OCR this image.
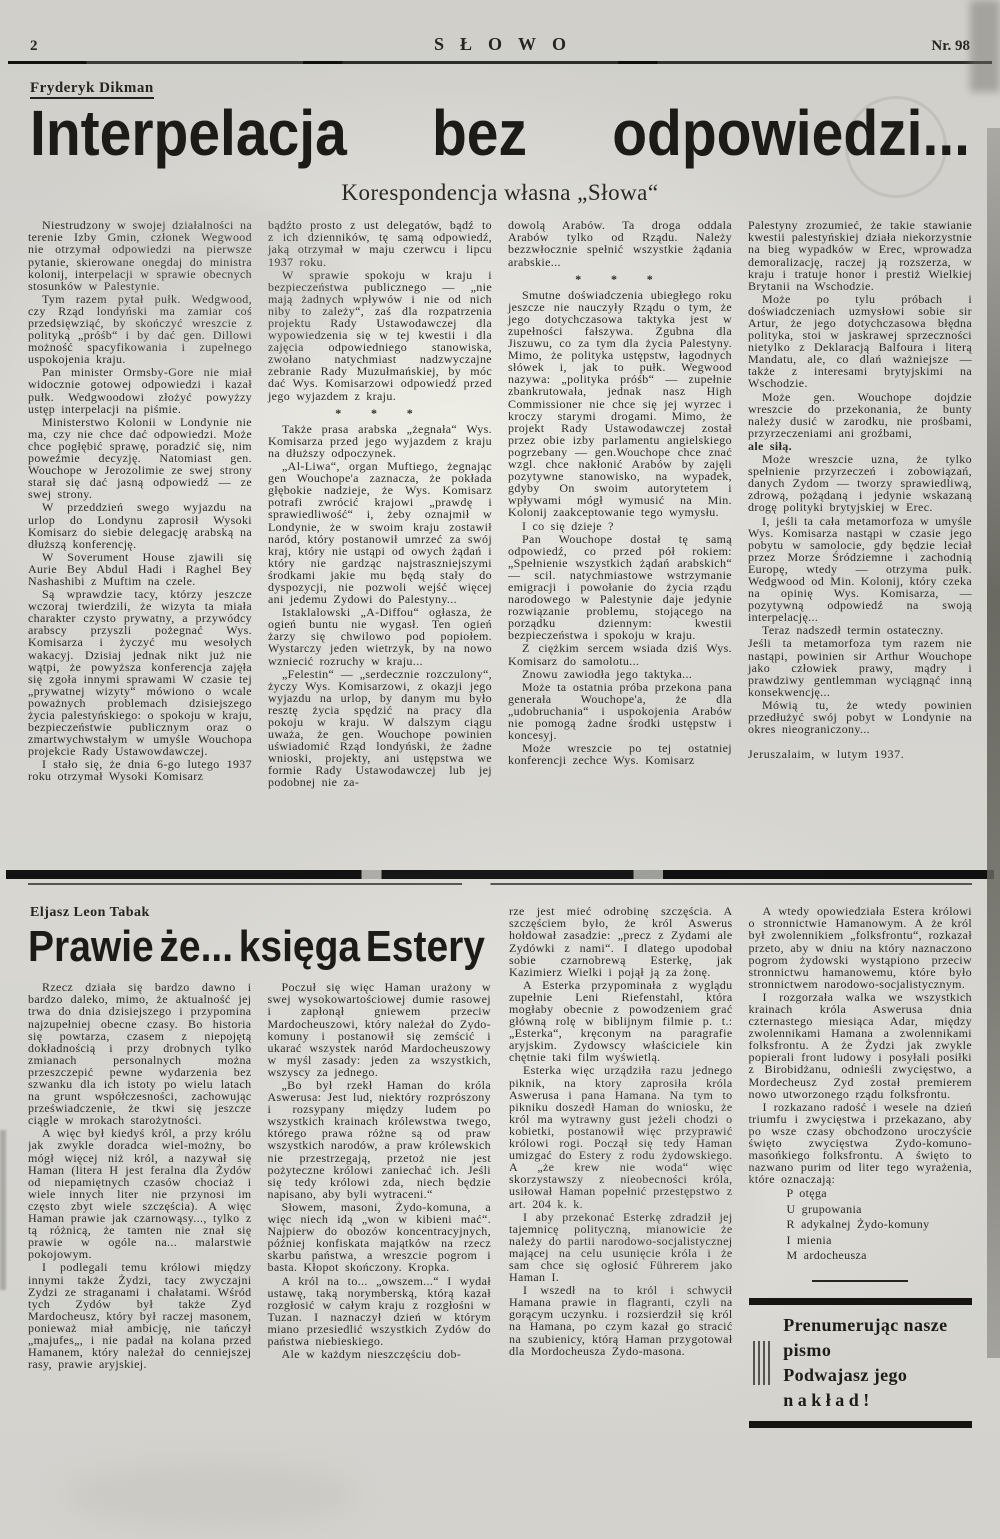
2	SŁOWO	Nr. 98
Fryderyk Dikman
Interpelacja bez odpowiedzi...
Korespondencja własna „Słowa“

Niestrudzony w swojej działalności na terenie Izby Gmin, członek Wegwood nie otrzymał odpowiedzi na pierwsze pytanie, skierowane onegdaj do ministra kolonij, interpelacji w sprawie obecnych stosunków w Palestynie.

Tym razem pytał pułk. Wedgwood, czy Rząd londyński ma zamiar coś przedsięwziąć, by skończyć wreszcie z polityką „próśb“ i by dać gen. Dillowi możność spacyfikowania i zupełnego uspokojenia kraju.

Pan minister Ormsby-Gore nie miał widocznie gotowej odpowiedzi i kazał pułk. Wedgwoodowi złożyć powyżzy ustęp interpelacji na piśmie.

Ministerstwo Kolonii w Londynie nie ma, czy nie chce dać odpowiedzi. Może chce pogłębić sprawę, poradzić się, nim poweźmie decyzję. Natomiast gen. Wouchope w Jerozolimie ze swej strony starał się dać jasną odpowiedź — ze swej strony.

W przeddzień swego wyjazdu na urlop do Londynu zaprosił Wysoki Komisarz do siebie delegację arabską na dłuższą konferencję.

W Soverument House zjawili się Aurie Bey Abdul Hadi i Raghel Bey Nashashibi z Muftim na czele.

Są wprawdzie tacy, którzy jeszcze wczoraj twierdzili, że wizyta ta miała charakter czysto prywatny, a przywódcy arabscy przyszli pożegnać Wys. Komisarza i życzyć mu wesołych wakacyj. Dzisiaj jednak nikt już nie wątpi, że powyższa konferencja zajęła się zgoła innymi sprawami W czasie tej „prywatnej wizyty“ mówiono o wcale poważnych problemach dzisiejszego życia palestyńskiego: o spokoju w kraju, bezpieczeństwie publicznym oraz o zmartwychwstałym w umyśle Wouchopa projekcie Rady Ustawowdawczej.

I stało się, że dnia 6-go lutego 1937 roku otrzymał Wysoki Komisarz

bądźto prosto z ust delegatów, bądź to z ich dzienników, tę samą odpowiedź, jaką otrzymał w maju czerwcu i lipcu 1937 roku.

W sprawie spokoju w kraju i bezpieczeństwa publicznego — „nie mają żadnych wpływów i nie od nich niby to zależy“, zaś dla rozpatrzenia projektu Rady Ustawodawczej dla wypowiedzenia się w tej kwestii i dla zajęcia odpowiedniego stanowiska, zwołano natychmiast nadzwyczajne zebranie Rady Muzułmańskiej, by móc dać Wys. Komisarzowi odpowiedź przed jego wyjazdem z kraju.

* * *

Także prasa arabska „żegnała“ Wys. Komisarza przed jego wyjazdem z kraju na dłuższy odpoczynek.

„Al-Liwa“, organ Muftiego, żegnając gen Wouchope'a zaznacza, że pokłada głębokie nadzieje, że Wys. Komisarz potrafi zwrócić krajowi „prawdę i sprawiedliwość“ i, żeby oznajmił w Londynie, że w swoim kraju zostawił naród, który postanowił umrzeć za swój kraj, który nie ustąpi od owych żądań i który nie gardząc najstraszniejszymi środkami jakie mu będą stały do dyspozycji, nie pozwoli wejść więcej ani jedemu Zydowi do Palestyny...

Istaklalowski „A-Diffou“ ogłasza, że ogień buntu nie wygasł. Ten ogień żarzy się chwilowo pod popiołem. Wystarczy jeden wietrzyk, by na nowo wzniecić rozruchy w kraju...

„Felestin“ — „serdecznie rozczulony“, życzy Wys. Komisarzowi, z okazji jego wyjazdu na urlop, by danym mu było resztę życia spędzić na pracy dla pokoju w kraju. W dalszym ciągu uważa, że gen. Wouchope powinien uświadomić Rząd londyński, że żadne wnioski, projekty, ani ustępstwa we formie Rady Ustawodawczej lub jej podobnej nie za-

dowolą Arabów. Ta droga oddala Arabów tylko od Rządu. Należy bezzwłocznie spełnić wszystkie żądania arabskie...

* * *

Smutne doświadczenia ubiegłego roku jeszcze nie nauczyły Rządu o tym, że jego dotychczasowa taktyka jest w zupełności fałszywa. Zgubna dla Jiszuwu, co za tym dla życia Palestyny. Mimo, że polityka ustępstw, łagodnych słówek i, jak to pułk. Wegwood nazywa: „polityka próśb“ — zupełnie zbankrutowała, jednak nasz High Commissioner nie chce się jej wyrzec i kroczy starymi drogami. Mimo, że projekt Rady Ustawodawczej został przez obie izby parlamentu angielskiego pogrzebany — gen.Wouchope chce znać wzgl. chce nakłonić Arabów by zajęli pozytywne stanowisko, na wypadek, gdyby On swoim autorytetem i wpływami mógł wymusić na Min. Kolonij zaakceptowanie tego wymysłu.

I co się dzieje ?

Pan Wouchope dostał tę samą odpowiedź, co przed pół rokiem: „Spełnienie wszystkich żądań arabskich“ — scil. natychmiastowe wstrzymanie emigracji i powołanie do życia rządu narodowego w Palestynie daje jedynie rozwiązanie problemu, stojącego na porządku dziennym: kwestii bezpieczeństwa i spokoju w kraju.

Z ciężkim sercem wsiada dziś Wys. Komisarz do samolotu...

Znowu zawiodła jego taktyka...

Może ta ostatnia próba przekona pana generała Wouchope'a, że dla „udobruchania“ i uspokojenia Arabów nie pomogą żadne środki ustępstw i koncesyj.

Może wreszcie po tej ostatniej konferencji zechce Wys. Komisarz

Palestyny zrozumieć, że takie stawianie kwestii palestyńskiej działa niekorzystnie na bieg wypadków w Erec, wprowadza demoralizację, raczej ją rozszerza, w kraju i tratuje honor i prestiż Wielkiej Brytanii na Wschodzie.

Może po tylu próbach i doświadczeniach uzmysłowi sobie sir Artur, że jego dotychczasowa błędna polityka, stoi w jaskrawej sprzeczności nietylko z Deklaracją Balfoura i literą Mandatu, ale, co dlań ważniejsze — także z interesami brytyjskimi na Wschodzie.

Może gen. Wouchope dojdzie wreszcie do przekonania, że bunty należy dusić w zarodku, nie prośbami, przyrzeczeniami ani groźbami,

ale siłą.

Może wreszcie uzna, że tylko spełnienie przyrzeczeń i zobowiązań, danych Zydom — tworzy sprawiedliwą, zdrową, pożądaną i jedynie wskazaną drogę polityki brytyjskiej w Erec.

I, jeśli ta cała metamorfoza w umyśle Wys. Komisarza nastąpi w czasie jego pobytu w samolocie, gdy będzie leciał przez Morze Śródziemne i zachodnią Europę, wtedy — otrzyma pułk. Wedgwood od Min. Kolonij, który czeka na opinię Wys. Komisarza, — pozytywną odpowiedź na swoją interpelację...

Teraz nadszedł termin ostateczny.

Jeśli ta metamorfoza tym razem nie nastąpi, powinien sir Arthur Wouchope jako człowiek prawy, mądry i prawdziwy gentlemman wyciągnąć inną konsekwencję...

Mówią tu, że wtedy powinien przedłużyć swój pobyt w Londynie na okres nieograniczony...

Jeruszalaim, w lutym 1937.

Eljasz Leon Tabak
Prawie że... księga Estery

Rzecz działa się bardzo dawno i bardzo daleko, mimo, że aktualność jej trwa do dnia dzisiejszego i przypomina najzupełniej obecne czasy. Bo historia się powtarza, czasem z niepojętą dokładnością i przy drobnych tylko zmianach personalnych można przeszczepić pewne wydarzenia bez szwanku dla ich istoty po wielu latach na grunt współczesności, zachowując przeświadczenie, że tkwi się jeszcze ciągle w mrokach starożytności.

A więc był kiedyś król, a przy królu jak zwykle doradca wiel-możny, bo mógł więcej niż król, a nazywał się Haman (litera H jest feralna dla Żydów od niepamiętnych czasów chociaż i wiele innych liter nie przynosi im często zbyt wiele szczęścia). A więc Haman prawie jak czarnowąsy..., tylko z tą różnicą, że tamten nie znał się prawie w ogóle na... malarstwie pokojowym.

I podlegali temu królowi między innymi także Żydzi, tacy zwyczajni Zydzi ze straganami i chałatami. Wśród tych Zydów był także Zyd Mardocheusz, który był raczej masonem, ponieważ miał ambicję, nie tańczył „majufes„, i nie padał na kolana przed Hamanem, który należał do cenniejszej rasy, prawie aryjskiej.

Poczuł się więc Haman urażony w swej wysokowartościowej dumie rasowej i zapłonął gniewem przeciw Mardocheuszowi, który należał do Zydo-komuny i postanowił się zemścić i ukarać wszystek naród Mardocheuszowy w myśl zasady: jeden za wszystkich, wszyscy za jednego.

„Bo był rzekł Haman do króla Aswerusa: Jest lud, niektóry rozprószony i rozsypany między ludem po wszystkich krainach królewstwa twego, którego prawa różne są od praw wszystkich narodów, a praw królewskich nie przestrzegają, przetoż nie jest pożyteczne królowi zaniechać ich. Jeśli się tedy królowi zda, niech będzie napisano, aby byli wytraceni.“

Słowem, masoni, Żydo-komuna, a więc niech idą „won w kibieni mać“. Najpierw do obozów koncentracyjnych, później konfiskata majątków na rzecz skarbu państwa, a wreszcie pogrom i basta. Kłopot skończony. Kropka.

A król na to... „owszem...“ I wydał ustawę, taką norymberską, którą kazał rozgłosić w całym kraju z rozgłośni w Tuzan. I naznaczył dzień w którym miano przesiedlić wszystkich Zydów do państwa niebieskiego.

Ale w każdym nieszczęściu dob-

rze jest mieć odrobinę szczęścia. A szczęściem było, że król Aswerus hołdował zasadzie: „precz z Zydami ale Zydówki z nami“. I dlatego upodobał sobie czarnobrewą Esterkę, jak Kazimierz Wielki i pojął ją za żonę.

A Esterka przypominała z wyglądu zupełnie Leni Riefenstahl, która mogłaby obecnie z powodzeniem grać główną rolę w biblijnym filmie p. t.: „Esterka“, kręconym na paragrafie aryjskim. Zydowscy właściciele kin chętnie taki film wyświetlą.

Esterka więc urządziła razu jednego piknik, na ktory zaprosiła króla Aswerusa i pana Hamana. Na tym to pikniku doszedł Haman do wniosku, że król ma wytrawny gust jeżeli chodzi o kobietki, postanowił więc przyprawić królowi rogi. Począł się tedy Haman umizgać do Estery z rodu żydowskiego. A „że krew nie woda“ więc skorzystawszy z nieobecności króla, usiłował Haman popełnić przestępstwo z art. 204 k. k.

I aby przekonać Esterkę zdradził jej tajemnicę polityczną, mianowicie że należy do partii narodowo-socjalistycznej mającej na celu usunięcie króla i że sam chce się ogłosić Führerem jako Haman I.

I wszedł na to król i schwycił Hamana prawie in flagranti, czyli na gorącym uczynku. i rozsierdził się król na Hamana, po czym kazał go stracić na szubienicy, którą Haman przygotował dla Mordocheusza Zydo-masona.

A wtedy opowiedziała Estera królowi o stronnictwie Hamanowym. A że król był zwolennikiem „folksfrontu“, rozkazał przeto, aby w dniu na który naznaczono pogrom żydowski wystąpiono przeciw stronnictwu hamanowemu, które było stronnictwem narodowo-socjalistycznym.

I rozgorzała walka we wszystkich krainach króla Aswerusa dnia czternastego miesiąca Adar, między zwolennikami Hamana a zwolennikami folksfrontu. A że Żydzi jak zwykle popierali front ludowy i posyłali posiłki z Birobidżanu, odnieśli zwycięstwo, a Mordecheusz Zyd został premierem nowo utworzonego rządu folksfrontu.

I rozkazano radość i wesele na dzień triumfu i zwycięstwa i przekazano, aby po wsze czasy obchodzono uroczyście święto zwycięstwa Zydo-komuno-masońkiego folksfrontu. A święto to nazwano purim od liter tego wyrażenia, które oznaczają:

P otęga

U grupowania

R adykalnej Żydo-komuny

I mienia

M ardocheusza

Prenumerując nasze pismo
Podwajasz jego nakład!
